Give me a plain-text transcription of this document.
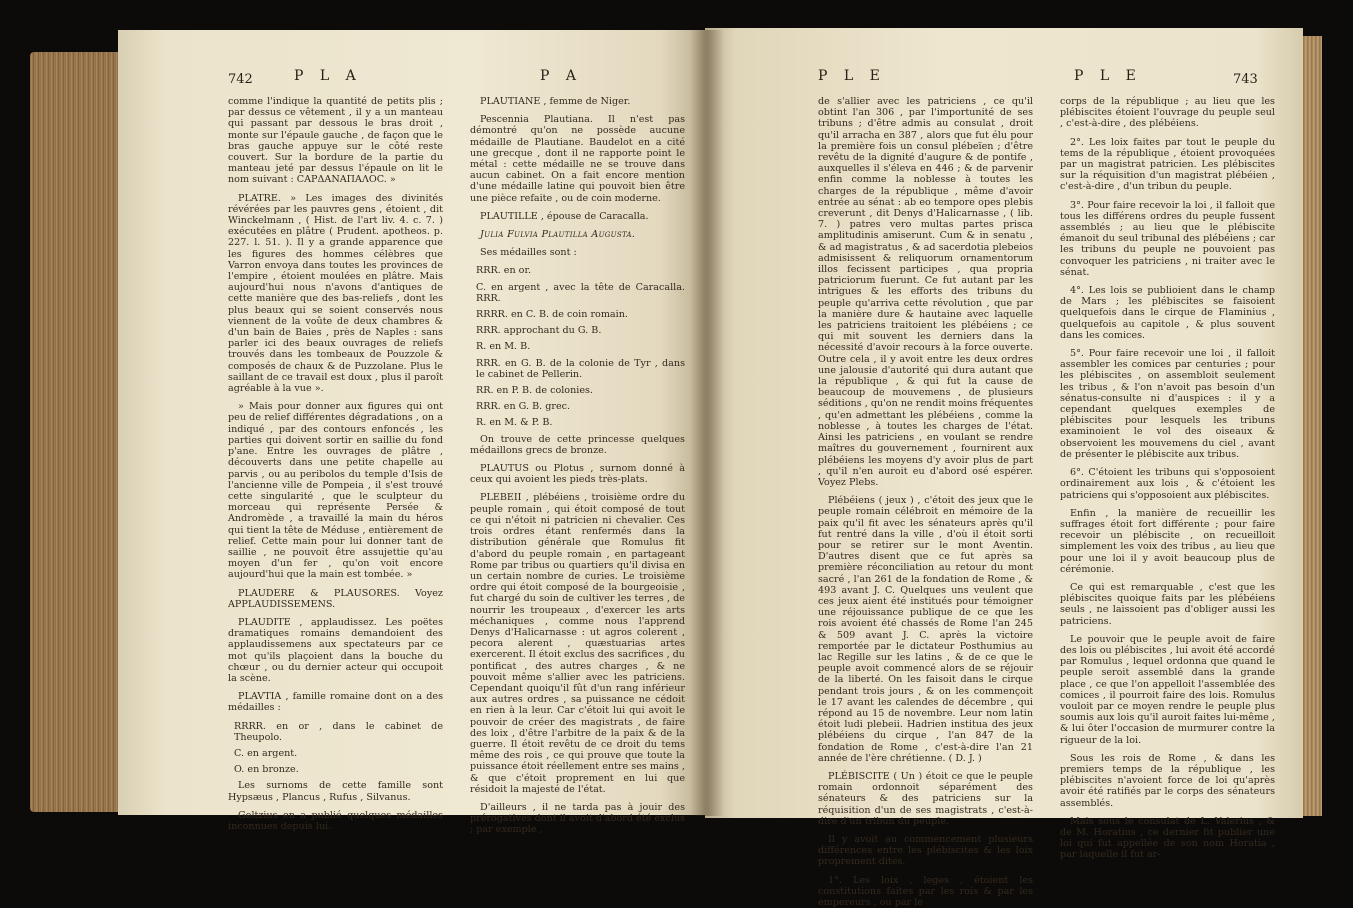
742	P L A	P A	P L E	P L E	743

comme l'indique la quantité de petits plis ; par dessus ce vêtement , il y a un manteau qui passant par dessous le bras droit , monte sur l'épaule gauche , de façon que le bras gauche appuye sur le côté reste couvert. Sur la bordure de la partie du manteau jeté par dessus l'épaule on lit le nom suivant : CAPΔANAΠAΛOC. »

PLATRE. » Les images des divinités révérées par les pauvres gens , étoient , dit Winckelmann , ( Hist. de l'art liv. 4. c. 7. ) exécutées en plâtre ( Prudent. apotheos. p. 227. l. 51. ). Il y a grande apparence que les figures des hommes célèbres que Varron envoya dans toutes les provinces de l'empire , étoient moulées en plâtre. Mais aujourd'hui nous n'avons d'antiques de cette manière que des bas-reliefs , dont les plus beaux qui se soient conservés nous viennent de la voûte de deux chambres & d'un bain de Baies , près de Naples : sans parler ici des beaux ouvrages de reliefs trouvés dans les tombeaux de Pouzzole & composés de chaux & de Puzzolane. Plus le saillant de ce travail est doux , plus il paroît agréable à la vue ».

» Mais pour donner aux figures qui ont peu de relief différentes dégradations , on a indiqué , par des contours enfoncés , les parties qui doivent sortir en saillie du fond p'ane. Entre les ouvrages de plâtre , découverts dans une petite chapelle au parvis , ou au peribolos du temple d'Isis de l'ancienne ville de Pompeia , il s'est trouvé cette singularité , que le sculpteur du morceau qui représente Persée & Andromède , a travaillé la main du héros qui tient la tête de Méduse , entièrement de relief. Cette main pour lui donner tant de saillie , ne pouvoit être assujettie qu'au moyen d'un fer , qu'on voit encore aujourd'hui que la main est tombée. »

PLAUDERE & PLAUSORES. Voyez APPLAUDISSEMENS.

PLAUDITE , applaudissez. Les poëtes dramatiques romains demandoient des applaudissemens aux spectateurs par ce mot qu'ils plaçoient dans la bouche du chœur , ou du dernier acteur qui occupoit la scène.

PLAVTIA , famille romaine dont on a des médailles :

RRRR. en or , dans le cabinet de Theupolo.

C. en argent.

O. en bronze.

Les surnoms de cette famille sont Hypsæus , Plancus , Rufus , Silvanus.

Goltzius en a publié quelques médailles inconnues depuis lui.

PLAUTIANE , femme de Niger.

Pescennia Plautiana. Il n'est pas démontré qu'on ne possède aucune médaille de Plautiane. Baudelot en a cité une grecque , dont il ne rapporte point le métal : cette médaille ne se trouve dans aucun cabinet. On a fait encore mention d'une médaille latine qui pouvoit bien être une pièce refaite , ou de coin moderne.

PLAUTILLE , épouse de Caracalla.

Julia Fulvia Plautilla Augusta.

Ses médailles sont :

RRR. en or.

C. en argent , avec la tête de Caracalla. RRR.

RRRR. en C. B. de coin romain.

RRR. approchant du G. B.

R. en M. B.

RRR. en G. B. de la colonie de Tyr , dans le cabinet de Pellerin.

RR. en P. B. de colonies.

RRR. en G. B. grec.

R. en M. & P. B.

On trouve de cette princesse quelques médaillons grecs de bronze.

PLAUTUS ou Plotus , surnom donné à ceux qui avoient les pieds très-plats.

PLEBEII , plébéiens , troisième ordre du peuple romain , qui étoit composé de tout ce qui n'étoit ni patricien ni chevalier. Ces trois ordres étant renfermés dans la distribution générale que Romulus fit d'abord du peuple romain , en partageant Rome par tribus ou quartiers qu'il divisa en un certain nombre de curies. Le troisième ordre qui étoit composé de la bourgeoisie , fut chargé du soin de cultiver les terres , de nourrir les troupeaux , d'exercer les arts méchaniques , comme nous l'apprend Denys d'Halicarnasse : ut agros colerent , pecora alerent , quæstuarias artes exercerent. Il étoit exclus des sacrifices , du pontificat , des autres charges , & ne pouvoit même s'allier avec les patriciens. Cependant quoiqu'il fût d'un rang inférieur aux autres ordres , sa puissance ne cédoit en rien à la leur. Car c'étoit lui qui avoit le pouvoir de créer des magistrats , de faire des loix , d'être l'arbitre de la paix & de la guerre. Il étoit revêtu de ce droit du tems même des rois , ce qui prouve que toute la puissance étoit réellement entre ses mains , & que c'étoit proprement en lui que résidoit la majesté de l'état.

D'ailleurs , il ne tarda pas à jouir des prérogatives dont il avoit d'abord été exclus ; par exemple ,

de s'allier avec les patriciens , ce qu'il obtint l'an 306 , par l'importunité de ses tribuns ; d'être admis au consulat , droit qu'il arracha en 387 , alors que fut élu pour la première fois un consul plébeïen ; d'être revêtu de la dignité d'augure & de pontife , auxquelles il s'éleva en 446 ; & de parvenir enfin comme la noblesse à toutes les charges de la république , même d'avoir entrée au sénat : ab eo tempore opes plebis creverunt , dit Denys d'Halicarnasse , ( lib. 7. ) patres vero multas partes prisca amplitudinis amiserunt. Cum & in senatu , & ad magistratus , & ad sacerdotia plebeios admisissent & reliquorum ornamentorum illos fecissent participes , qua propria patriciorum fuerunt. Ce fut autant par les intrigues & les efforts des tribuns du peuple qu'arriva cette révolution , que par la manière dure & hautaine avec laquelle les patriciens traitoient les plébéiens ; ce qui mit souvent les derniers dans la nécessité d'avoir recours à la force ouverte. Outre cela , il y avoit entre les deux ordres une jalousie d'autorité qui dura autant que la république , & qui fut la cause de beaucoup de mouvemens , de plusieurs séditions , qu'on ne rendit moins fréquentes , qu'en admettant les plébéiens , comme la noblesse , à toutes les charges de l'état. Ainsi les patriciens , en voulant se rendre maîtres du gouvernement , fournirent aux plébéiens les moyens d'y avoir plus de part , qu'il n'en auroit eu d'abord osé espérer. Voyez Plebs.

Plébéiens ( jeux ) , c'étoit des jeux que le peuple romain célébroit en mémoire de la paix qu'il fit avec les sénateurs après qu'il fut rentré dans la ville , d'où il étoit sorti pour se retirer sur le mont Aventin. D'autres disent que ce fut après sa première réconciliation au retour du mont sacré , l'an 261 de la fondation de Rome , & 493 avant J. C. Quelques uns veulent que ces jeux aient été institués pour témoigner une réjouissance publique de ce que les rois avoient été chassés de Rome l'an 245 & 509 avant J. C. après la victoire remportée par le dictateur Posthumius au lac Regille sur les latins , & de ce que le peuple avoit commencé alors de se réjouir de la liberté. On les faisoit dans le cirque pendant trois jours , & on les commençoit le 17 avant les calendes de décembre , qui répond au 15 de novembre. Leur nom latin étoit ludi plebeii. Hadrien institua des jeux plébéiens du cirque , l'an 847 de la fondation de Rome , c'est-à-dire l'an 21 année de l'ère chrétienne. ( D. J. )

PLÉBISCITE ( Un ) étoit ce que le peuple romain ordonnoit séparément des sénateurs & des patriciens sur la réquisition d'un de ses magistrats , c'est-à-dire d'un tribun du peuple.

Il y avoit au commencement plusieurs différences entre les plébiscites & les loix proprement dites.

1°. Les loix , leges , étoient les constitutions faites par les rois & par les empereurs , ou par le

corps de la république ; au lieu que les plébiscites étoient l'ouvrage du peuple seul , c'est-à-dire , des plébéiens.

2°. Les loix faites par tout le peuple du tems de la république , étoient provoquées par un magistrat patricien. Les plébiscites sur la réquisition d'un magistrat plébéien , c'est-à-dire , d'un tribun du peuple.

3°. Pour faire recevoir la loi , il falloit que tous les différens ordres du peuple fussent assemblés ; au lieu que le plébiscite émanoit du seul tribunal des plébéiens ; car les tribuns du peuple ne pouvoient pas convoquer les patriciens , ni traiter avec le sénat.

4°. Les lois se publioient dans le champ de Mars ; les plébiscites se faisoient quelquefois dans le cirque de Flaminius , quelquefois au capitole , & plus souvent dans les comices.

5°. Pour faire recevoir une loi , il falloit assembler les comices par centuries ; pour les plébiscites , on assembloit seulement les tribus , & l'on n'avoit pas besoin d'un sénatus-consulte ni d'auspices : il y a cependant quelques exemples de plébiscites pour lesquels les tribuns examinoient le vol des oiseaux & observoient les mouvemens du ciel , avant de présenter le plébiscite aux tribus.

6°. C'étoient les tribuns qui s'opposoient ordinairement aux lois , & c'étoient les patriciens qui s'opposoient aux plébiscites.

Enfin , la manière de recueillir les suffrages étoit fort différente ; pour faire recevoir un plébiscite , on recueilloit simplement les voix des tribus , au lieu que pour une loi il y avoit beaucoup plus de cérémonie.

Ce qui est remarquable , c'est que les plébiscites quoique faits par les plébéiens seuls , ne laissoient pas d'obliger aussi les patriciens.

Le pouvoir que le peuple avoit de faire des lois ou plébiscites , lui avoit été accordé par Romulus , lequel ordonna que quand le peuple seroit assemblé dans la grande place , ce que l'on appelloit l'assemblée des comices , il pourroit faire des lois. Romulus vouloit par ce moyen rendre le peuple plus soumis aux lois qu'il auroit faites lui-même , & lui ôter l'occasion de murmurer contre la rigueur de la loi.

Sous les rois de Rome , & dans les premiers temps de la république , les plébiscites n'avoient force de loi qu'après avoir été ratifiés par le corps des sénateurs assemblés.

Mais sous le consulat de L. Valerius , & de M. Horatius , ce dernier fit publier une loi qui fut appellée de son nom Horatia , par laquelle il fut ar-
